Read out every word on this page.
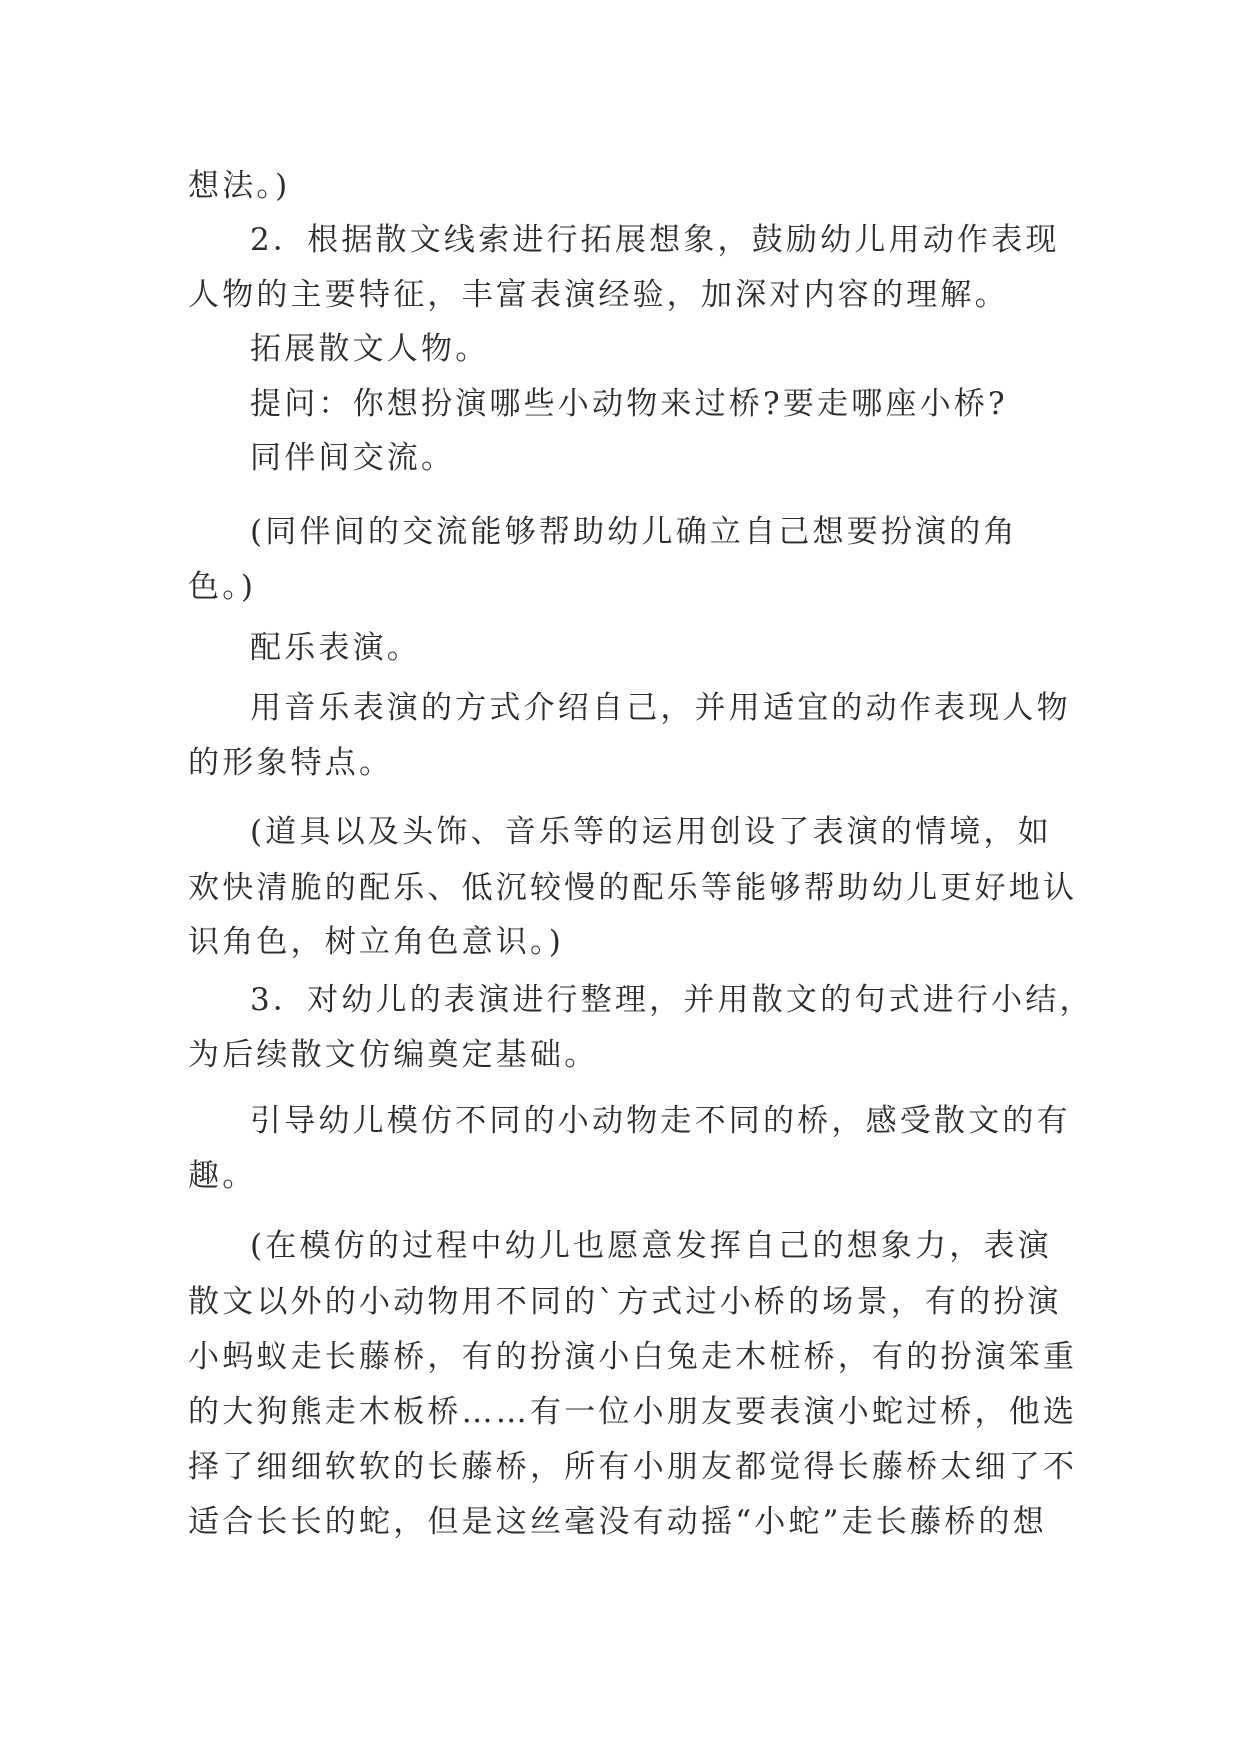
想法。)
2．根据散文线索进行拓展想象，鼓励幼儿用动作表现
人物的主要特征，丰富表演经验，加深对内容的理解。
拓展散文人物。
提问：你想扮演哪些小动物来过桥?要走哪座小桥?
同伴间交流。
(同伴间的交流能够帮助幼儿确立自己想要扮演的角
色。)
配乐表演。
用音乐表演的方式介绍自己，并用适宜的动作表现人物
的形象特点。
(道具以及头饰、音乐等的运用创设了表演的情境，如
欢快清脆的配乐、低沉较慢的配乐等能够帮助幼儿更好地认
识角色，树立角色意识。)
3．对幼儿的表演进行整理，并用散文的句式进行小结，
为后续散文仿编奠定基础。
引导幼儿模仿不同的小动物走不同的桥，感受散文的有
趣。
(在模仿的过程中幼儿也愿意发挥自己的想象力，表演
散文以外的小动物用不同的`方式过小桥的场景，有的扮演
小蚂蚁走长藤桥，有的扮演小白兔走木桩桥，有的扮演笨重
的大狗熊走木板桥……有一位小朋友要表演小蛇过桥，他选
择了细细软软的长藤桥，所有小朋友都觉得长藤桥太细了不
适合长长的蛇，但是这丝毫没有动摇“小蛇”走长藤桥的想
